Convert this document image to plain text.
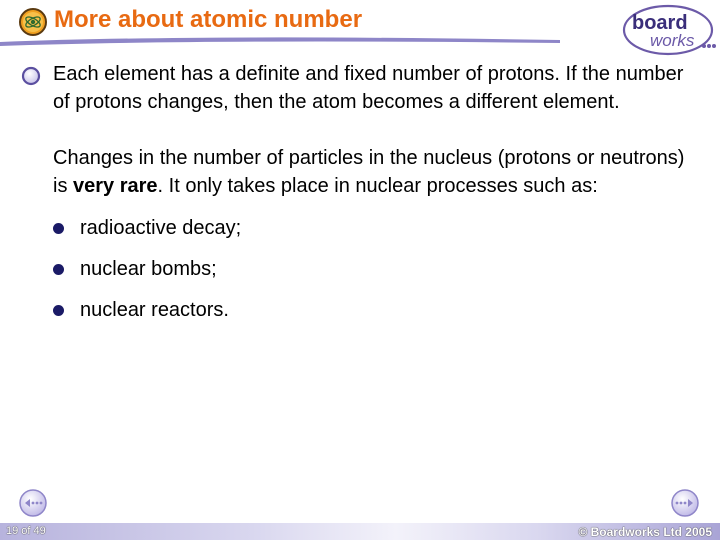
More about atomic number	board
works

Each element has a definite and fixed number of protons. If the number of protons changes, then the atom becomes a different element.

Changes in the number of particles in the nucleus (protons or neutrons) is very rare. It only takes place in nuclear processes such as:

radioactive decay;
nuclear bombs;
nuclear reactors.
19 of 49	© Boardworks Ltd 2005
